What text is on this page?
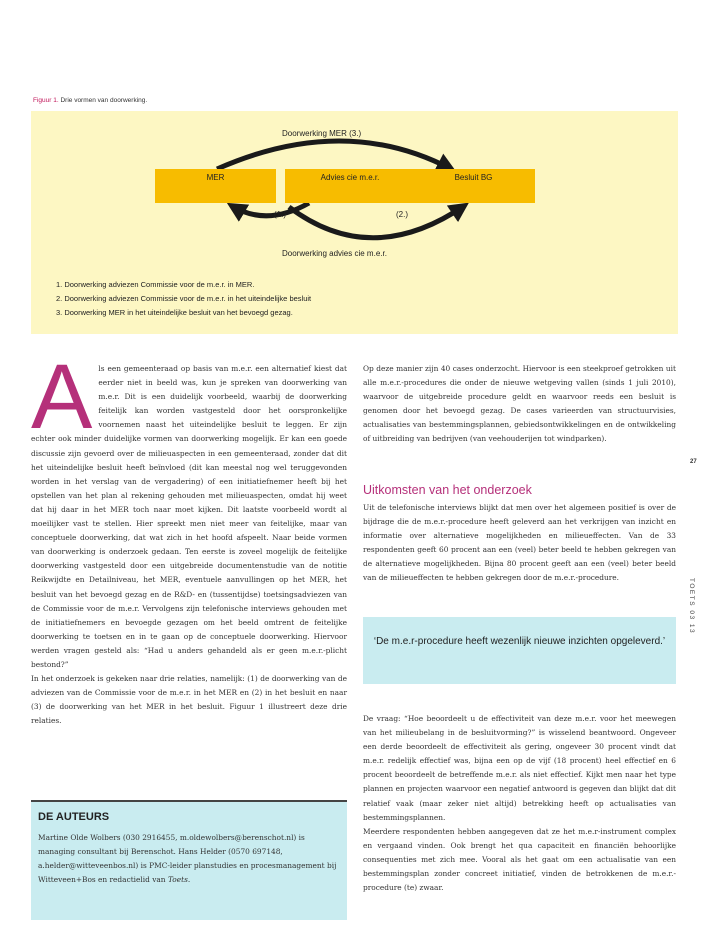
Figuur 1. Drie vormen van doorwerking.
MER	Advies cie m.e.r.	Besluit BG
Doorwerking MER (3.)
(1.)	(2.)
Doorwerking advies cie m.e.r.
1. Doorwerking adviezen Commissie voor de m.e.r. in MER.
2. Doorwerking adviezen Commissie voor de m.e.r. in het uiteindelijke besluit
3. Doorwerking MER in het uiteindelijke besluit van het bevoegd gezag.

Als een gemeenteraad op basis van m.e.r. een alternatief kiest dat eerder niet in beeld was, kun je spreken van doorwerking van m.e.r. Dit is een duidelijk voorbeeld, waarbij de doorwerking feitelijk kan worden vastgesteld door het oorspronkelijke voornemen naast het uiteindelijke besluit te leggen. Er zijn echter ook minder duidelijke vormen van doorwerking mogelijk. Er kan een goede discussie zijn gevoerd over de milieuaspecten in een gemeenteraad, zonder dat dit het uiteindelijke besluit heeft beïnvloed (dit kan meestal nog wel teruggevonden worden in het verslag van de vergadering) of een initiatiefnemer heeft bij het opstellen van het plan al rekening gehouden met milieuaspecten, omdat hij weet dat hij daar in het MER toch naar moet kijken. Dit laatste voorbeeld wordt al moeilijker vast te stellen. Hier spreekt men niet meer van feitelijke, maar van conceptuele doorwerking, dat wat zich in het hoofd afspeelt. Naar beide vormen van doorwerking is onderzoek gedaan. Ten eerste is zoveel mogelijk de feitelijke doorwerking vastgesteld door een uitgebreide documentenstudie van de notitie Reikwijdte en Detailniveau, het MER, eventuele aanvullingen op het MER, het besluit van het bevoegd gezag en de R&D- en (tussentijdse) toetsingsadviezen van de Commissie voor de m.e.r. Vervolgens zijn telefonische interviews gehouden met de initiatiefnemers en bevoegde gezagen om het beeld omtrent de feitelijke doorwerking te toetsen en in te gaan op de conceptuele doorwerking. Hiervoor werden vragen gesteld als: “Had u anders gehandeld als er geen m.e.r.-plicht bestond?”

In het onderzoek is gekeken naar drie relaties, namelijk: (1) de doorwerking van de adviezen van de Commissie voor de m.e.r. in het MER en (2) in het besluit en naar (3) de doorwerking van het MER in het besluit. Figuur 1 illustreert deze drie relaties.

DE AUTEURS
Martine Olde Wolbers (030 2916455, m.oldewolbers@berenschot.nl) is managing consultant bij Berenschot. Hans Helder (0570 697148, a.helder@witteveenbos.nl) is PMC-leider planstudies en procesmanagement bij Witteveen+Bos en redactielid van Toets.

Op deze manier zijn 40 cases onderzocht. Hiervoor is een steekproef getrokken uit alle m.e.r.-procedures die onder de nieuwe wetgeving vallen (sinds 1 juli 2010), waarvoor de uitgebreide procedure geldt en waarvoor reeds een besluit is genomen door het bevoegd gezag. De cases varieerden van structuurvisies, actualisaties van bestemmingsplannen, gebiedsontwikkelingen en de ontwikkeling of uitbreiding van bedrijven (van veehouderijen tot windparken).

Uitkomsten van het onderzoek

Uit de telefonische interviews blijkt dat men over het algemeen positief is over de bijdrage die de m.e.r.-procedure heeft geleverd aan het verkrijgen van inzicht en informatie over alternatieve mogelijkheden en milieueffecten. Van de 33 respondenten geeft 60 procent aan een (veel) beter beeld te hebben gekregen van de alternatieve mogelijkheden. Bijna 80 procent geeft aan een (veel) beter beeld van de milieueffecten te hebben gekregen door de m.e.r.-procedure.

‘De m.e.r-procedure heeft wezenlijk nieuwe inzichten opgeleverd.’

De vraag: “Hoe beoordeelt u de effectiviteit van deze m.e.r. voor het meewegen van het milieubelang in de besluitvorming?” is wisselend beantwoord. Ongeveer een derde beoordeelt de effectiviteit als gering, ongeveer 30 procent vindt dat m.e.r. redelijk effectief was, bijna een op de vijf (18 procent) heel effectief en 6 procent beoordeelt de betreffende m.e.r. als niet effectief. Kijkt men naar het type plannen en projecten waarvoor een negatief antwoord is gegeven dan blijkt dat dit relatief vaak (maar zeker niet altijd) betrekking heeft op actualisaties van bestemmingsplannen.

Meerdere respondenten hebben aangegeven dat ze het m.e.r-instrument complex en vergaand vinden. Ook brengt het qua capaciteit en financiën behoorlijke consequenties met zich mee. Vooral als het gaat om een actualisatie van een bestemmingsplan zonder concreet initiatief, vinden de betrokkenen de m.e.r.-procedure (te) zwaar.

27
TOETS 03 13
